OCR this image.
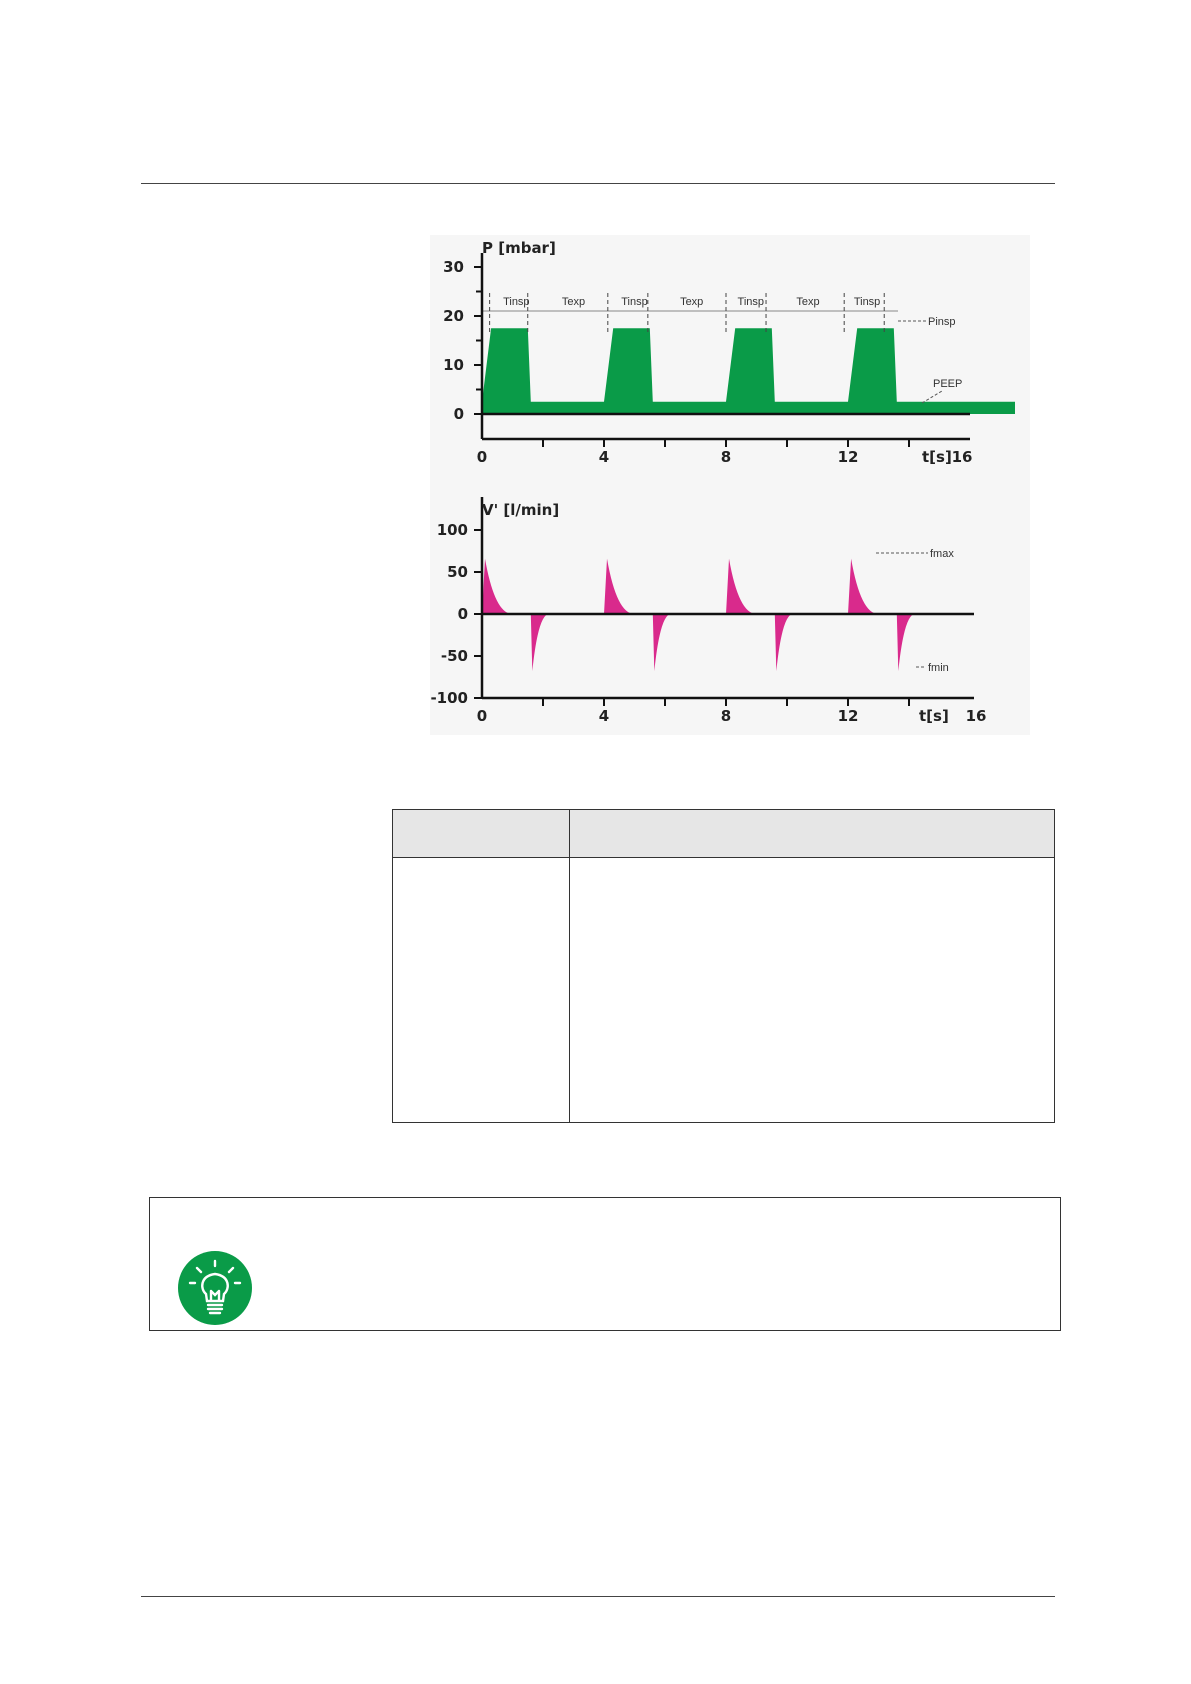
30
20
10
0
0	4	8	12
P [mbar]
t[s] 16
Tinsp	Texp	Tinsp	Texp	Tinsp	Texp	Tinsp
Pinsp
PEEP
100
50
0
-50
-100
0	4	8	12
V' [l/min]
t[s] 16
fmax
fmin
